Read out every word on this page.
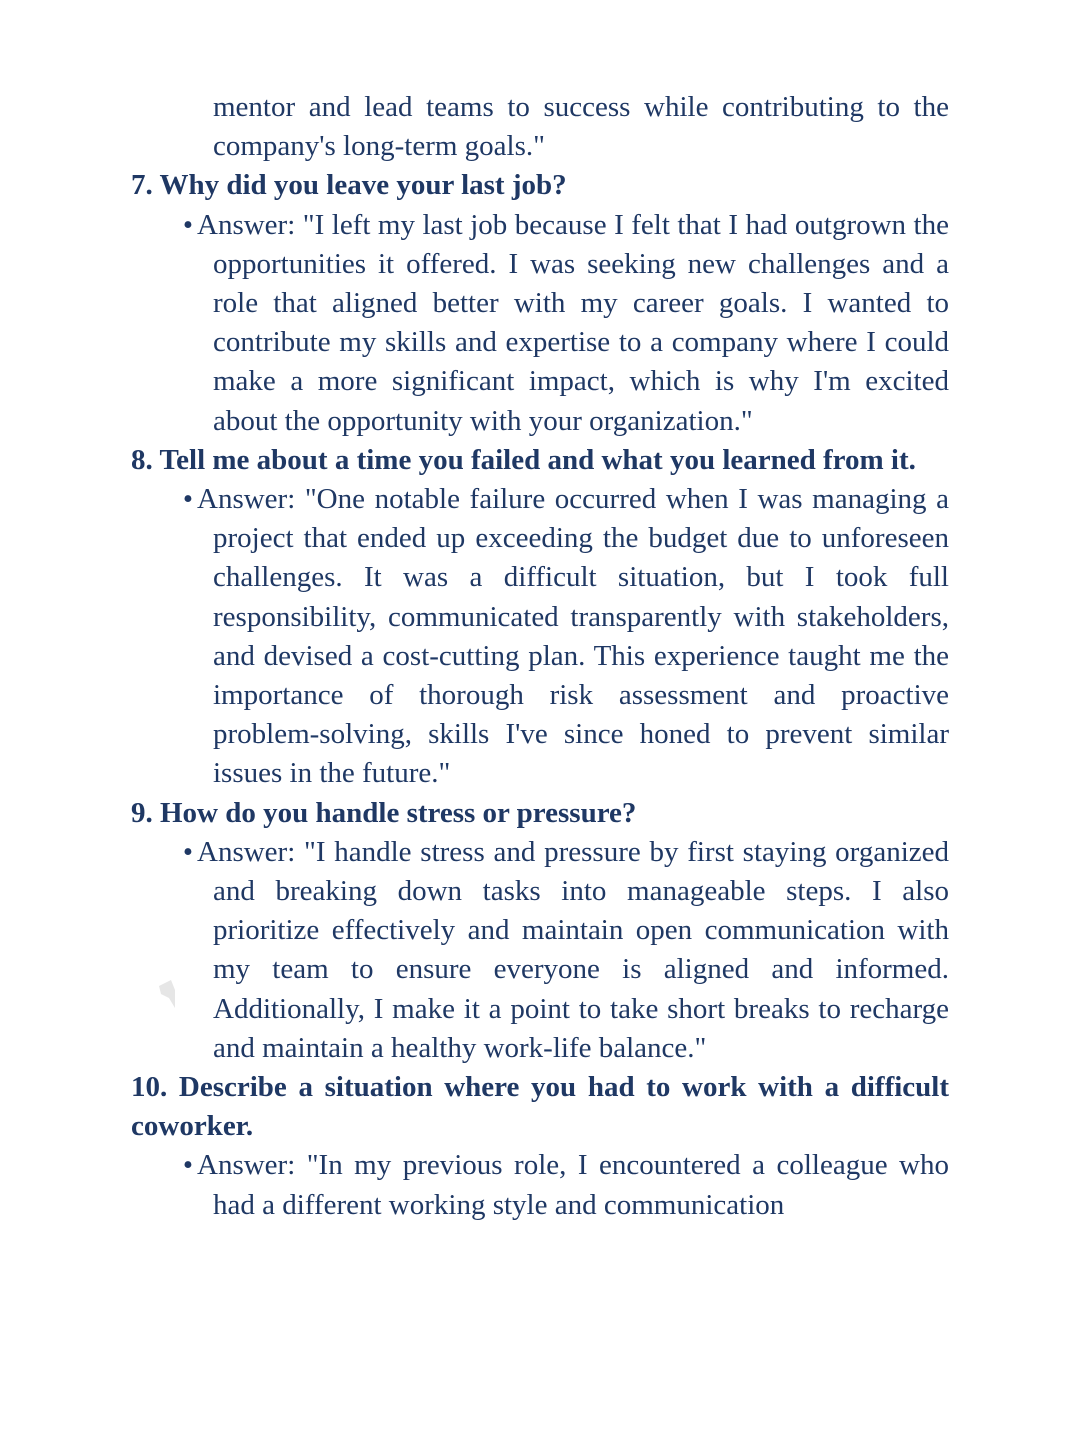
mentor and lead teams to success while contributing to the company's long-term goals."
7. Why did you leave your last job?
• Answer: "I left my last job because I felt that I had outgrown the opportunities it offered. I was seeking new challenges and a role that aligned better with my career goals. I wanted to contribute my skills and expertise to a company where I could make a more significant impact, which is why I'm excited about the opportunity with your organization."
8. Tell me about a time you failed and what you learned from it.
• Answer: "One notable failure occurred when I was managing a project that ended up exceeding the budget due to unforeseen challenges. It was a difficult situation, but I took full responsibility, communicated transparently with stakeholders, and devised a cost-cutting plan. This experience taught me the importance of thorough risk assessment and proactive problem-solving, skills I've since honed to prevent similar issues in the future."
9. How do you handle stress or pressure?
• Answer: "I handle stress and pressure by first staying organized and breaking down tasks into manageable steps. I also prioritize effectively and maintain open communication with my team to ensure everyone is aligned and informed. Additionally, I make it a point to take short breaks to recharge and maintain a healthy work-life balance."
10. Describe a situation where you had to work with a difficult coworker.
• Answer: "In my previous role, I encountered a colleague who had a different working style and communication
